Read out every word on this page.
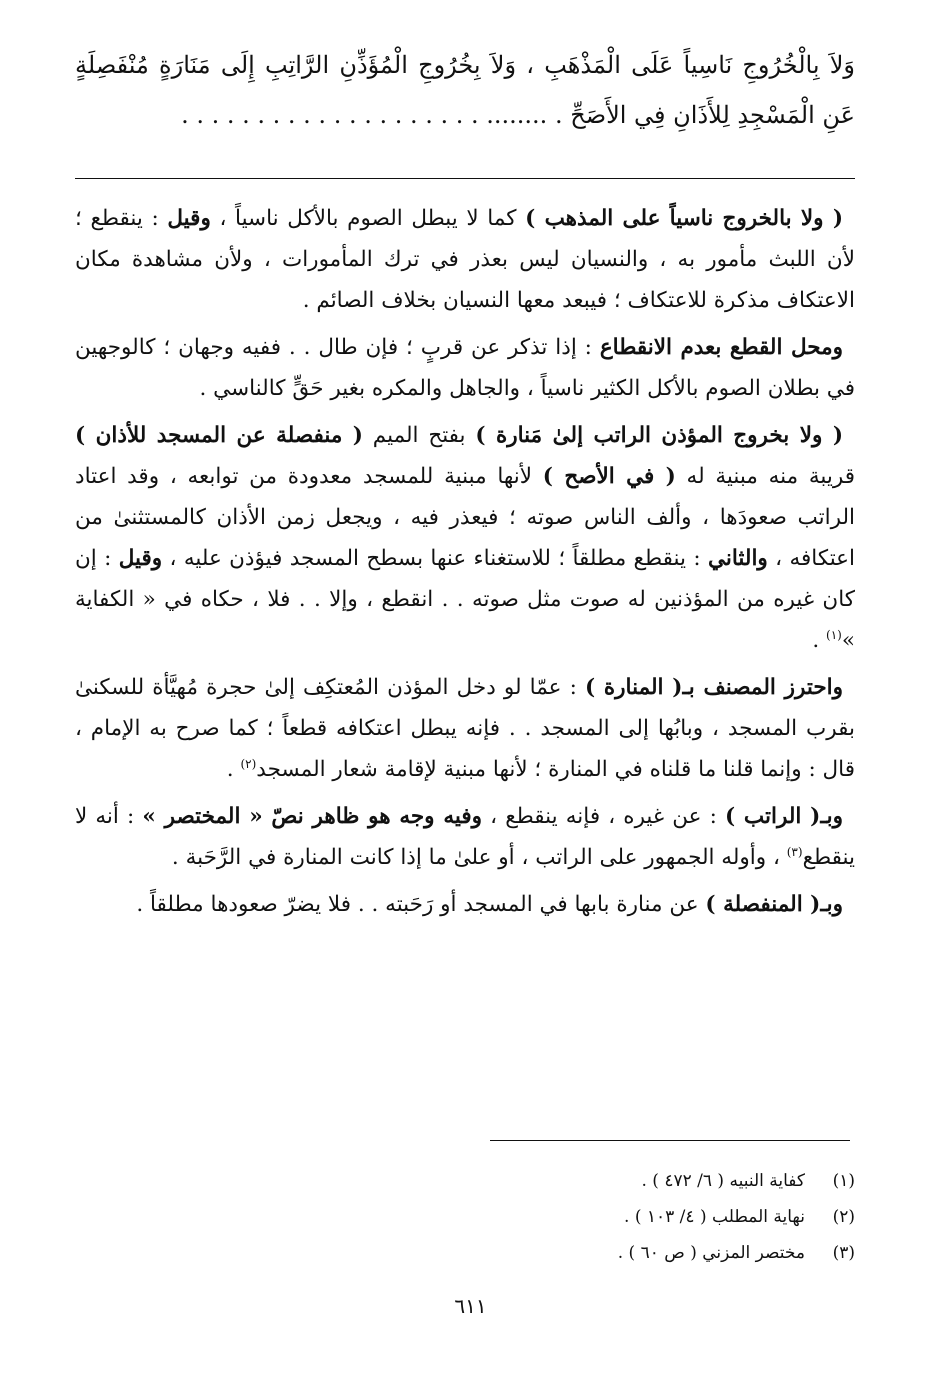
وَلاَ بِالْخُرُوجِ نَاسِياً عَلَى الْمَذْهَبِ ، وَلاَ بِخُرُوجِ الْمُؤَذِّنِ الرَّاتِبِ إِلَى مَنَارَةٍ مُنْفَصِلَةٍ عَنِ الْمَسْجِدِ لِلأَذَانِ فِي الأَصَحِّ . ........ . . . . . . . . . . . . . . . . . . . .

( ولا بالخروج ناسياً على المذهب ) كما لا يبطل الصوم بالأكل ناسياً ، وقيل : ينقطع ؛ لأن اللبث مأمور به ، والنسيان ليس بعذر في ترك المأمورات ، ولأن مشاهدة مكان الاعتكاف مذكرة للاعتكاف ؛ فيبعد معها النسيان بخلاف الصائم .

ومحل القطع بعدم الانقطاع : إذا تذكر عن قربٍ ؛ فإن طال . . ففيه وجهان ؛ كالوجهين في بطلان الصوم بالأكل الكثير ناسياً ، والجاهل والمكره بغير حَقٍّ كالناسي .

( ولا بخروج المؤذن الراتب إلىٰ مَنارة ) بفتح الميم ( منفصلة عن المسجد للأذان ) قريبة منه مبنية له ( في الأصح ) لأنها مبنية للمسجد معدودة من توابعه ، وقد اعتاد الراتب صعودَها ، وألف الناس صوته ؛ فيعذر فيه ، ويجعل زمن الأذان كالمستثنىٰ من اعتكافه ، والثاني : ينقطع مطلقاً ؛ للاستغناء عنها بسطح المسجد فيؤذن عليه ، وقيل : إن كان غيره من المؤذنين له صوت مثل صوته . . انقطع ، وإلا . . فلا ، حكاه في « الكفاية »$^{(١)}$ .

واحترز المصنف بـ( المنارة ) : عمّا لو دخل المؤذن المُعتكِف إلىٰ حجرة مُهيَّأة للسكنىٰ بقرب المسجد ، وبابُها إلى المسجد . . فإنه يبطل اعتكافه قطعاً ؛ كما صرح به الإمام ، قال : وإنما قلنا ما قلناه في المنارة ؛ لأنها مبنية لإقامة شعار المسجد$^{(٢)}$ .

وبـ( الراتب ) : عن غيره ، فإنه ينقطع ، وفيه وجه هو ظاهر نصّ « المختصر » : أنه لا ينقطع$^{(٣)}$ ، وأوله الجمهور على الراتب ، أو علىٰ ما إذا كانت المنارة في الرَّحَبة .

وبـ( المنفصلة ) عن منارة بابها في المسجد أو رَحَبته . . فلا يضرّ صعودها مطلقاً .

(١)
كفاية النبيه ( ٦/ ٤٧٢ ) .
(٢)
نهاية المطلب ( ٤/ ١٠٣ ) .
(٣)
مختصر المزني ( ص ٦٠ ) .
٦١١
